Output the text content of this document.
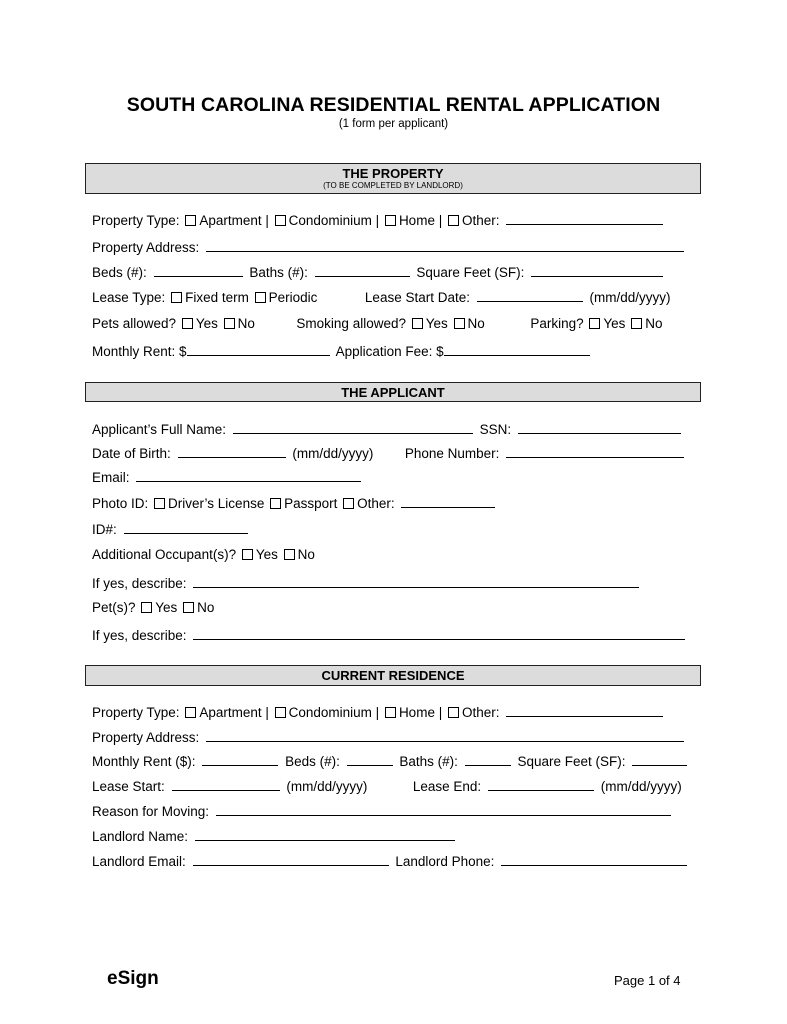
SOUTH CAROLINA RESIDENTIAL RENTAL APPLICATION
(1 form per applicant)
THE PROPERTY
(TO BE COMPLETED BY LANDLORD)
Property Type: Apartment | Condominium | Home | Other:
Property Address:
Beds (#):	Baths (#):	Square Feet (SF):
Lease Type: Fixed term Periodic	Lease Start Date:	(mm/dd/yyyy)
Pets allowed? Yes No	Smoking allowed? Yes No	Parking? Yes No
Monthly Rent: $	Application Fee: $
THE APPLICANT
Applicant’s Full Name:	SSN:
Date of Birth:	(mm/dd/yyyy) Phone Number:
Email:
Photo ID: Driver’s License Passport Other:
ID#:
Additional Occupant(s)? Yes No
If yes, describe:
Pet(s)? Yes No
If yes, describe:
CURRENT RESIDENCE
Property Type: Apartment | Condominium | Home | Other:
Property Address:
Monthly Rent ($):	Beds (#):	Baths (#):	Square Feet (SF):
Lease Start:	(mm/dd/yyyy)	Lease End:	(mm/dd/yyyy)
Reason for Moving:
Landlord Name:
Landlord Email:	Landlord Phone:
eSign	Page 1 of 4
